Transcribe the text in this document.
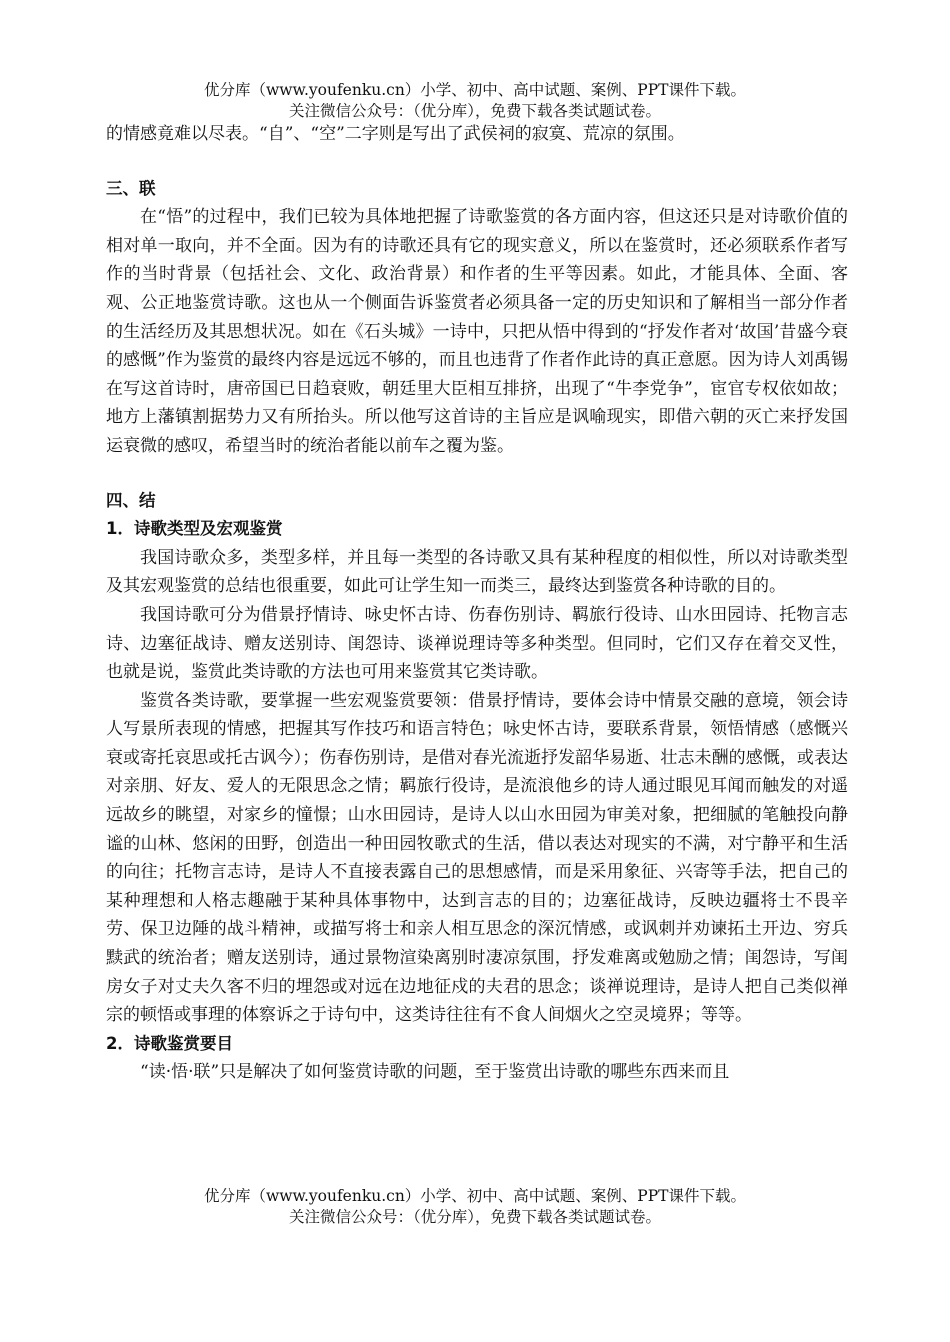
优分库（www.youfenku.cn）小学、初中、高中试题、案例、PPT课件下载。
关注微信公众号：（优分库），免费下载各类试题试卷。

的情感竟难以尽表。“自”、“空”二字则是写出了武侯祠的寂寞、荒凉的氛围。

三、联

在“悟”的过程中，我们已较为具体地把握了诗歌鉴赏的各方面内容，但这还只是对诗歌价值的相对单一取向，并不全面。因为有的诗歌还具有它的现实意义，所以在鉴赏时，还必须联系作者写作的当时背景（包括社会、文化、政治背景）和作者的生平等因素。如此，才能具体、全面、客观、公正地鉴赏诗歌。这也从一个侧面告诉鉴赏者必须具备一定的历史知识和了解相当一部分作者的生活经历及其思想状况。如在《石头城》一诗中，只把从悟中得到的“抒发作者对‘故国’昔盛今衰的感慨”作为鉴赏的最终内容是远远不够的，而且也违背了作者作此诗的真正意愿。因为诗人刘禹锡在写这首诗时，唐帝国已日趋衰败，朝廷里大臣相互排挤，出现了“牛李党争”，宦官专权依如故；地方上藩镇割据势力又有所抬头。所以他写这首诗的主旨应是讽喻现实，即借六朝的灭亡来抒发国运衰微的感叹，希望当时的统治者能以前车之覆为鉴。

四、结

1．诗歌类型及宏观鉴赏

我国诗歌众多，类型多样，并且每一类型的各诗歌又具有某种程度的相似性，所以对诗歌类型及其宏观鉴赏的总结也很重要，如此可让学生知一而类三，最终达到鉴赏各种诗歌的目的。

我国诗歌可分为借景抒情诗、咏史怀古诗、伤春伤别诗、羁旅行役诗、山水田园诗、托物言志诗、边塞征战诗、赠友送别诗、闺怨诗、谈禅说理诗等多种类型。但同时，它们又存在着交叉性，也就是说，鉴赏此类诗歌的方法也可用来鉴赏其它类诗歌。

鉴赏各类诗歌，要掌握一些宏观鉴赏要领：借景抒情诗，要体会诗中情景交融的意境，领会诗人写景所表现的情感，把握其写作技巧和语言特色；咏史怀古诗，要联系背景，领悟情感（感慨兴衰或寄托哀思或托古讽今）；伤春伤别诗，是借对春光流逝抒发韶华易逝、壮志未酬的感慨，或表达对亲朋、好友、爱人的无限思念之情；羁旅行役诗，是流浪他乡的诗人通过眼见耳闻而触发的对遥远故乡的眺望，对家乡的憧憬；山水田园诗，是诗人以山水田园为审美对象，把细腻的笔触投向静谧的山林、悠闲的田野，创造出一种田园牧歌式的生活，借以表达对现实的不满，对宁静平和生活的向往；托物言志诗，是诗人不直接表露自己的思想感情，而是采用象征、兴寄等手法，把自己的某种理想和人格志趣融于某种具体事物中，达到言志的目的；边塞征战诗，反映边疆将士不畏辛劳、保卫边陲的战斗精神，或描写将士和亲人相互思念的深沉情感，或讽刺并劝谏拓土开边、穷兵黩武的统治者；赠友送别诗，通过景物渲染离别时凄凉氛围，抒发难离或勉励之情；闺怨诗，写闺房女子对丈夫久客不归的埋怨或对远在边地征戍的夫君的思念；谈禅说理诗，是诗人把自己类似禅宗的顿悟或事理的体察诉之于诗句中，这类诗往往有不食人间烟火之空灵境界；等等。

2．诗歌鉴赏要目

“读·悟·联”只是解决了如何鉴赏诗歌的问题，至于鉴赏出诗歌的哪些东西来而且

优分库（www.youfenku.cn）小学、初中、高中试题、案例、PPT课件下载。
关注微信公众号：（优分库），免费下载各类试题试卷。
